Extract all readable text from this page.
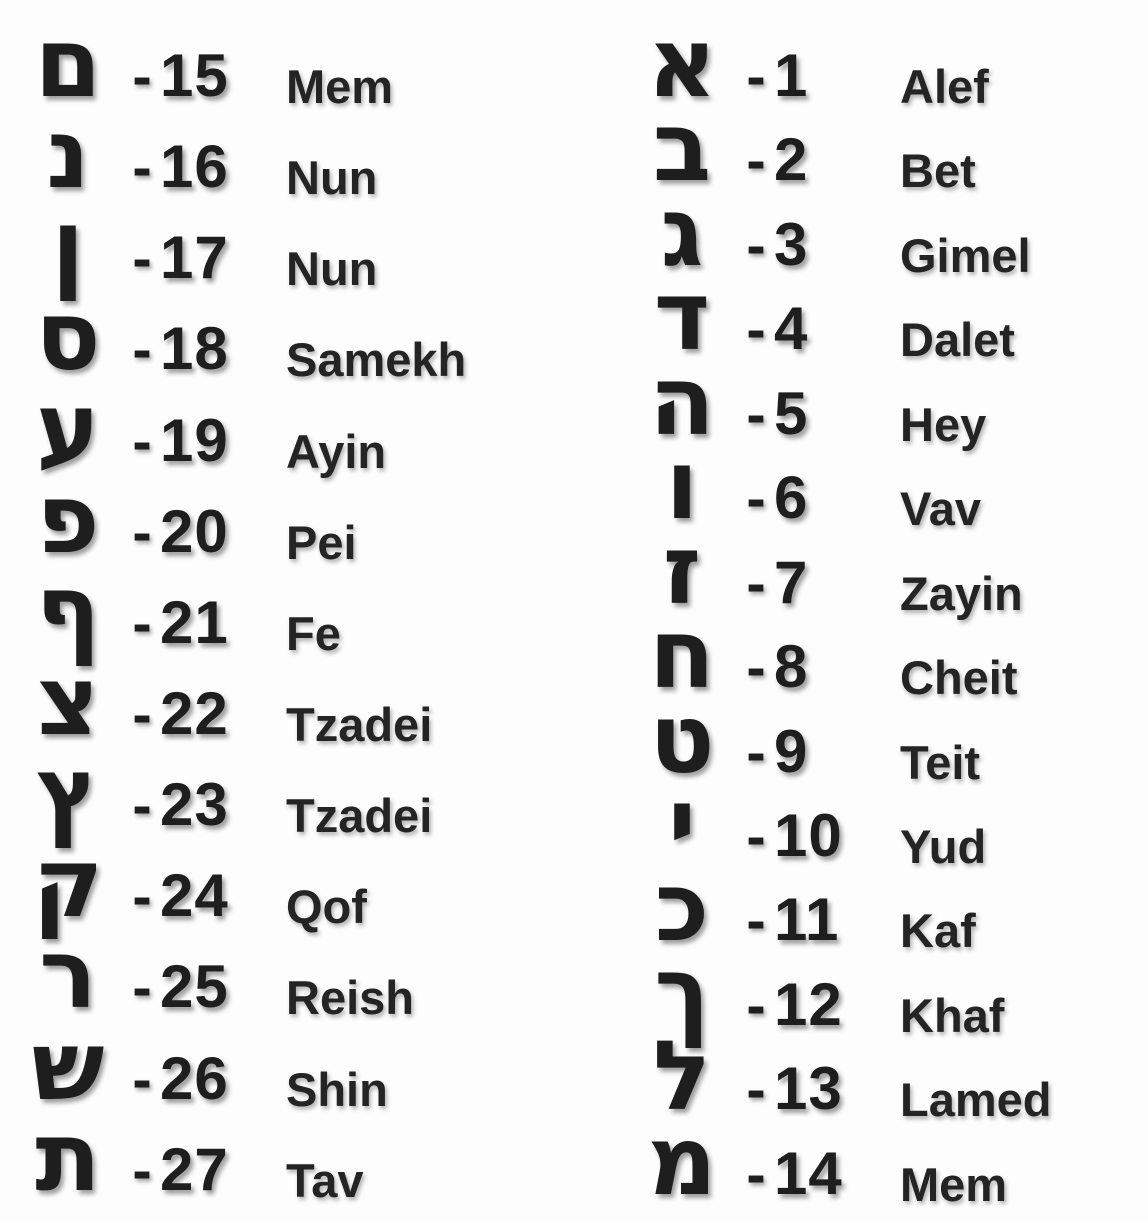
ם - 15	Mem
נ - 16	Nun
ן - 17	Nun
ס - 18	Samekh
ע - 19	Ayin
פ - 20	Pei
ף - 21	Fe
צ - 22	Tzadei
ץ - 23	Tzadei
ק - 24	Qof
ר - 25	Reish
ש - 26	Shin
ת - 27	Tav
א - 1	Alef
ב - 2	Bet
ג - 3	Gimel
ד - 4	Dalet
ה - 5	Hey
ו - 6	Vav
ז - 7	Zayin
ח - 8	Cheit
ט - 9	Teit
י - 10	Yud
כ - 11	Kaf
ך - 12	Khaf
ל - 13	Lamed
מ - 14	Mem
